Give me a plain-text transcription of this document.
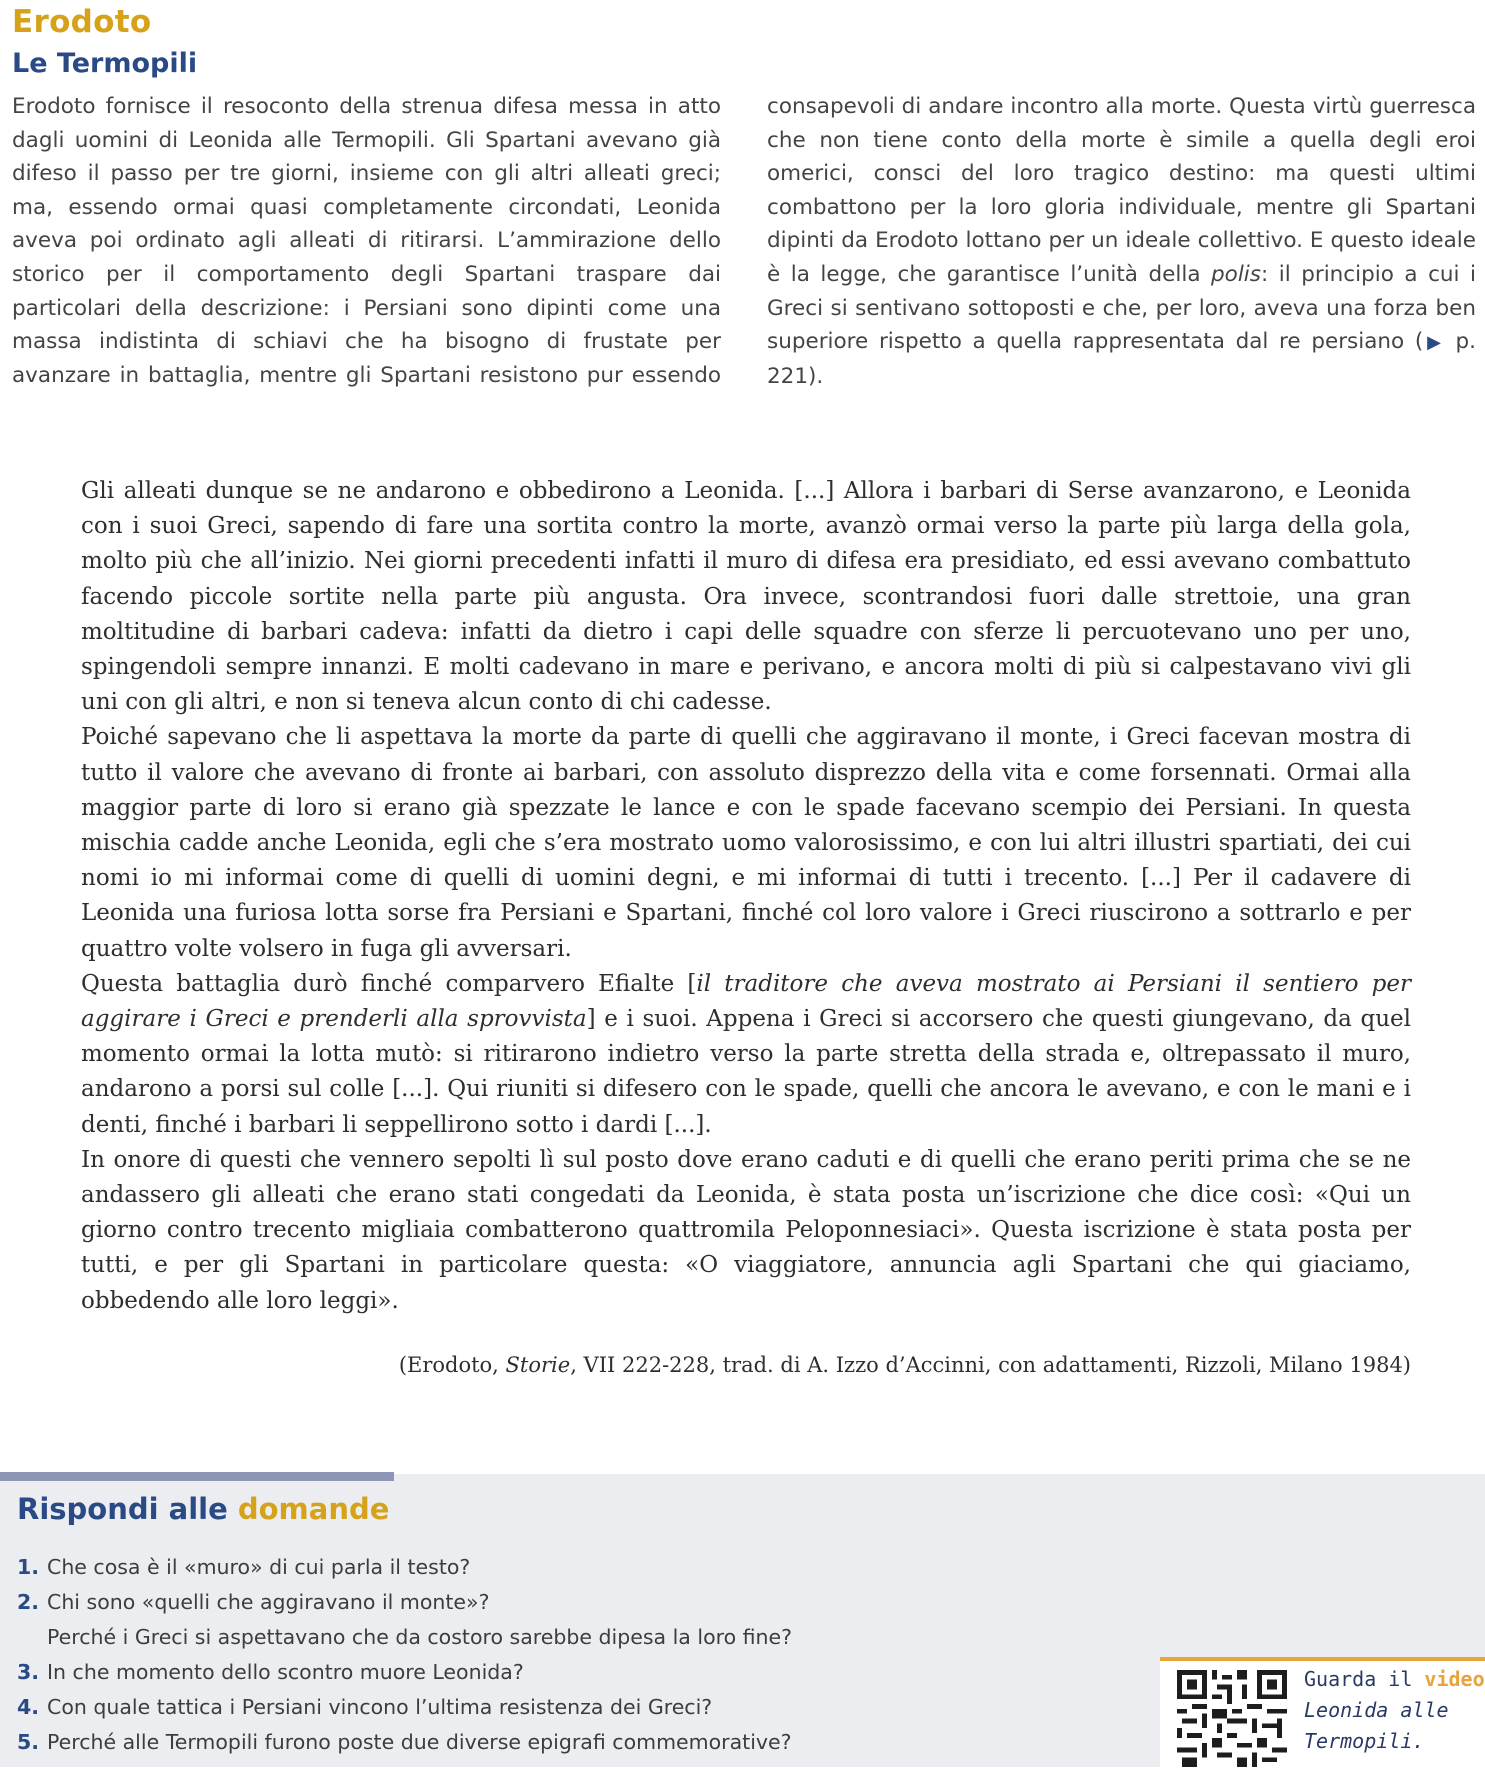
Erodoto
Le Termopili

Erodoto fornisce il resoconto della strenua difesa messa in atto dagli uomini di Leonida alle Termopili. Gli Spartani avevano già difeso il passo per tre giorni, insieme con gli altri alleati greci; ma, essendo ormai quasi completamente circondati, Leonida aveva poi ordinato agli alleati di ritirarsi. L’ammirazione dello storico per il comportamento degli Spartani traspare dai particolari della descrizione: i Persiani sono dipinti come una massa indistinta di schiavi che ha bisogno di frustate per avanzare in battaglia, mentre gli Spartani resistono pur essendo consapevoli di andare incontro alla morte. Questa virtù guerresca che non tiene conto della morte è simile a quella degli eroi omerici, consci del loro tragico destino: ma questi ultimi combattono per la loro gloria individuale, mentre gli Spartani dipinti da Erodoto lottano per un ideale collettivo. E questo ideale è la legge, che garantisce l’unità della polis: il principio a cui i Greci si sentivano sottoposti e che, per loro, aveva una forza ben superiore rispetto a quella rappresentata dal re persiano (▶ p. 221).

Gli alleati dunque se ne andarono e obbedirono a Leonida. [...] Allora i barbari di Serse avanzarono, e Leonida con i suoi Greci, sapendo di fare una sortita contro la morte, avanzò ormai verso la parte più larga della gola, molto più che all’inizio. Nei giorni precedenti infatti il muro di difesa era presidiato, ed essi avevano combattuto facendo piccole sortite nella parte più angusta. Ora invece, scontrandosi fuori dalle strettoie, una gran moltitudine di barbari cadeva: infatti da dietro i capi delle squadre con sferze li percuotevano uno per uno, spingendoli sempre innanzi. E molti cadevano in mare e perivano, e ancora molti di più si calpestavano vivi gli uni con gli altri, e non si teneva alcun conto di chi cadesse.

Poiché sapevano che li aspettava la morte da parte di quelli che aggiravano il monte, i Greci facevan mostra di tutto il valore che avevano di fronte ai barbari, con assoluto disprezzo della vita e come forsennati. Ormai alla maggior parte di loro si erano già spezzate le lance e con le spade facevano scempio dei Persiani. In questa mischia cadde anche Leonida, egli che s’era mostrato uomo valorosissimo, e con lui altri illustri spartiati, dei cui nomi io mi informai come di quelli di uomini degni, e mi informai di tutti i trecento. [...] Per il cadavere di Leonida una furiosa lotta sorse fra Persiani e Spartani, finché col loro valore i Greci riuscirono a sottrarlo e per quattro volte volsero in fuga gli avversari.

Questa battaglia durò finché comparvero Efialte [il traditore che aveva mostrato ai Persiani il sentiero per aggirare i Greci e prenderli alla sprovvista] e i suoi. Appena i Greci si accorsero che questi giungevano, da quel momento ormai la lotta mutò: si ritirarono indietro verso la parte stretta della strada e, oltrepassato il muro, andarono a porsi sul colle [...]. Qui riuniti si difesero con le spade, quelli che ancora le avevano, e con le mani e i denti, finché i barbari li seppellirono sotto i dardi [...].

In onore di questi che vennero sepolti lì sul posto dove erano caduti e di quelli che erano periti prima che se ne andassero gli alleati che erano stati congedati da Leonida, è stata posta un’iscrizione che dice così: «Qui un giorno contro trecento migliaia combatterono quattromila Peloponnesiaci». Questa iscrizione è stata posta per tutti, e per gli Spartani in particolare questa: «O viaggiatore, annuncia agli Spartani che qui giaciamo, obbedendo alle loro leggi».

(Erodoto, Storie, VII 222-228, trad. di A. Izzo d’Accinni, con adattamenti, Rizzoli, Milano 1984)
Rispondi alle domande
1. Che cosa è il «muro» di cui parla il testo?
2. Chi sono «quelli che aggiravano il monte»?
Perché i Greci si aspettavano che da costoro sarebbe dipesa la loro fine?
3. In che momento dello scontro muore Leonida?
4. Con quale tattica i Persiani vincono l’ultima resistenza dei Greci?
5. Perché alle Termopili furono poste due diverse epigrafi commemorative?
Guarda il video
Leonida alle
Termopili.
